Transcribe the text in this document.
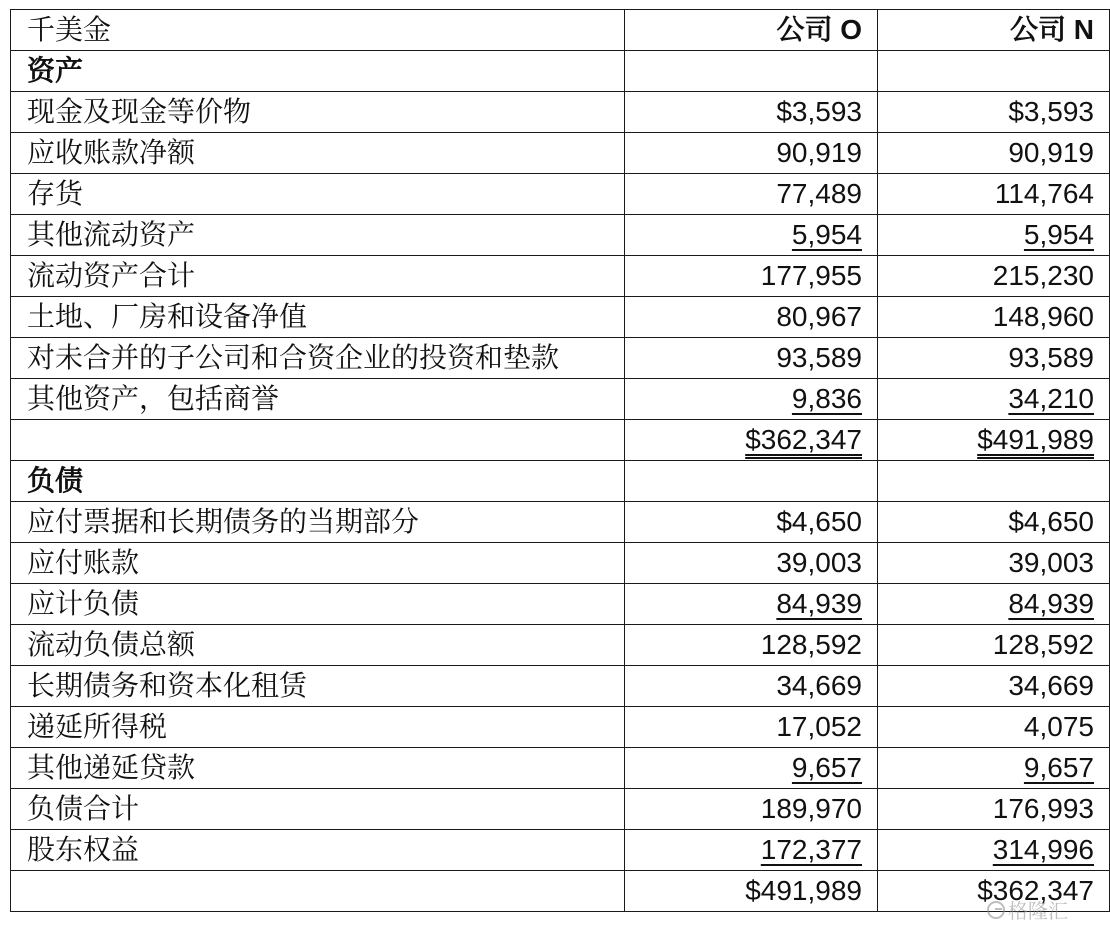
千美金	公司 O	公司 N
资产		
现金及现金等价物	$3,593	$3,593
应收账款净额	90,919	90,919
存货	77,489	114,764
其他流动资产	5,954	5,954
流动资产合计	177,955	215,230
土地、厂房和设备净值	80,967	148,960
对未合并的子公司和合资企业的投资和垫款	93,589	93,589
其他资产，包括商誉	9,836	34,210
	$362,347	$491,989
负债		
应付票据和长期债务的当期部分	$4,650	$4,650
应付账款	39,003	39,003
应计负债	84,939	84,939
流动负债总额	128,592	128,592
长期债务和资本化租赁	34,669	34,669
递延所得税	17,052	4,075
其他递延贷款	9,657	9,657
负债合计	189,970	176,993
股东权益	172,377	314,996
	$491,989	$362,347
格隆汇
